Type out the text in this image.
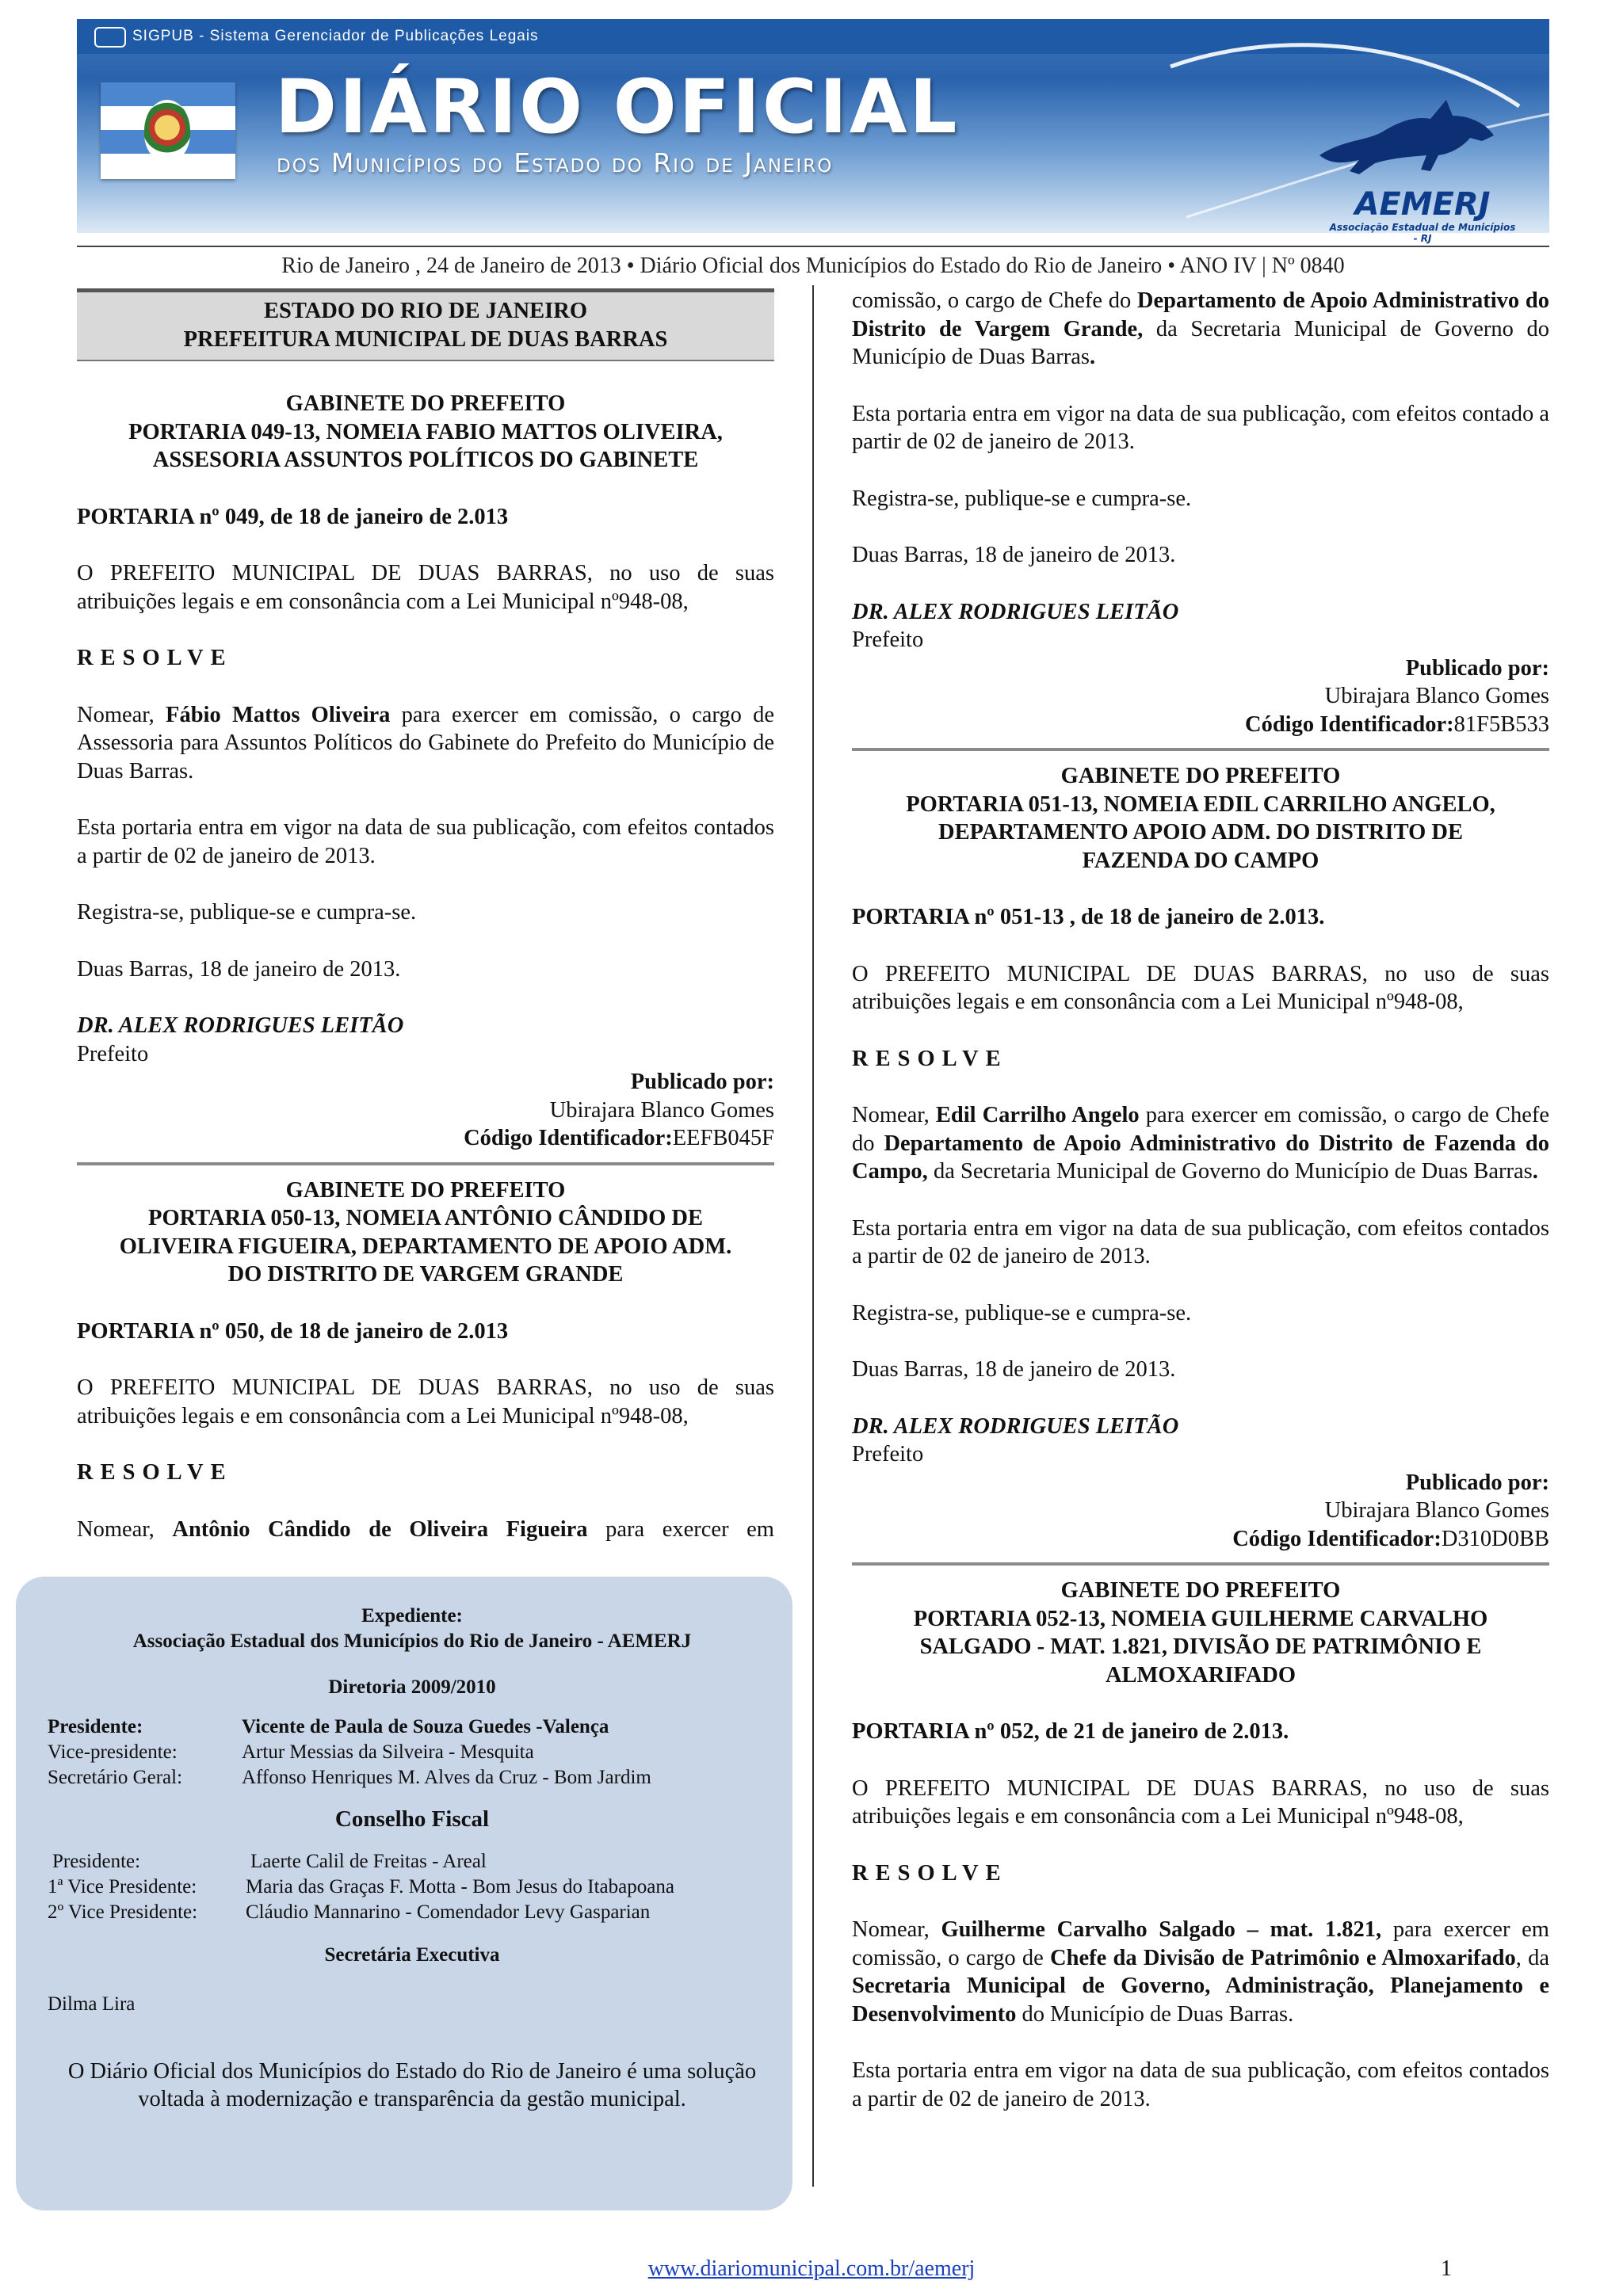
SIGPUB - Sistema Gerenciador de Publicações Legais
DIÁRIO OFICIAL
dos Municípios do Estado do Rio de Janeiro
AEMERJ
Associação Estadual de Municípios - RJ
Rio de Janeiro , 24 de Janeiro de 2013 • Diário Oficial dos Municípios do Estado do Rio de Janeiro • ANO IV | Nº 0840

ESTADO DO RIO DE JANEIRO

PREFEITURA MUNICIPAL DE DUAS BARRAS

GABINETE DO PREFEITO

PORTARIA 049-13, NOMEIA FABIO MATTOS OLIVEIRA,

ASSESORIA ASSUNTOS POLÍTICOS DO GABINETE

PORTARIA nº 049, de 18 de janeiro de 2.013

O PREFEITO MUNICIPAL DE DUAS BARRAS, no uso de suas atribuições legais e em consonância com a Lei Municipal nº948-08,

RESOLVE

Nomear, Fábio Mattos Oliveira para exercer em comissão, o cargo de Assessoria para Assuntos Políticos do Gabinete do Prefeito do Município de Duas Barras.

Esta portaria entra em vigor na data de sua publicação, com efeitos contados a partir de 02 de janeiro de 2013.

Registra-se, publique-se e cumpra-se.

Duas Barras, 18 de janeiro de 2013.

DR. ALEX RODRIGUES LEITÃO

Prefeito

Publicado por:

Ubirajara Blanco Gomes

Código Identificador:EEFB045F

GABINETE DO PREFEITO

PORTARIA 050-13, NOMEIA ANTÔNIO CÂNDIDO DE

OLIVEIRA FIGUEIRA, DEPARTAMENTO DE APOIO ADM.

DO DISTRITO DE VARGEM GRANDE

PORTARIA nº 050, de 18 de janeiro de 2.013

O PREFEITO MUNICIPAL DE DUAS BARRAS, no uso de suas atribuições legais e em consonância com a Lei Municipal nº948-08,

RESOLVE

Nomear, Antônio Cândido de Oliveira Figueira para exercer em

Expediente:

Associação Estadual dos Municípios do Rio de Janeiro - AEMERJ

Diretoria 2009/2010

Presidente:	Vicente de Paula de Souza Guedes -Valença
Vice-presidente:	Artur Messias da Silveira - Mesquita
Secretário Geral:	Affonso Henriques M. Alves da Cruz - Bom Jardim

Conselho Fiscal

Presidente:	Laerte Calil de Freitas - Areal
1ª Vice Presidente:	Maria das Graças F. Motta - Bom Jesus do Itabapoana
2º Vice Presidente:	Cláudio Mannarino - Comendador Levy Gasparian

Secretária Executiva

Dilma Lira

O Diário Oficial dos Municípios do Estado do Rio de Janeiro é uma solução voltada à modernização e transparência da gestão municipal.

comissão, o cargo de Chefe do Departamento de Apoio Administrativo do Distrito de Vargem Grande, da Secretaria Municipal de Governo do Município de Duas Barras.

Esta portaria entra em vigor na data de sua publicação, com efeitos contado a partir de 02 de janeiro de 2013.

Registra-se, publique-se e cumpra-se.

Duas Barras, 18 de janeiro de 2013.

DR. ALEX RODRIGUES LEITÃO

Prefeito

Publicado por:

Ubirajara Blanco Gomes

Código Identificador:81F5B533

GABINETE DO PREFEITO

PORTARIA 051-13, NOMEIA EDIL CARRILHO ANGELO,

DEPARTAMENTO APOIO ADM. DO DISTRITO DE

FAZENDA DO CAMPO

PORTARIA nº 051-13 , de 18 de janeiro de 2.013.

O PREFEITO MUNICIPAL DE DUAS BARRAS, no uso de suas atribuições legais e em consonância com a Lei Municipal nº948-08,

RESOLVE

Nomear, Edil Carrilho Angelo para exercer em comissão, o cargo de Chefe do Departamento de Apoio Administrativo do Distrito de Fazenda do Campo, da Secretaria Municipal de Governo do Município de Duas Barras.

Esta portaria entra em vigor na data de sua publicação, com efeitos contados a partir de 02 de janeiro de 2013.

Registra-se, publique-se e cumpra-se.

Duas Barras, 18 de janeiro de 2013.

DR. ALEX RODRIGUES LEITÃO

Prefeito

Publicado por:

Ubirajara Blanco Gomes

Código Identificador:D310D0BB

GABINETE DO PREFEITO

PORTARIA 052-13, NOMEIA GUILHERME CARVALHO

SALGADO - MAT. 1.821, DIVISÃO DE PATRIMÔNIO E

ALMOXARIFADO

PORTARIA nº 052, de 21 de janeiro de 2.013.

O PREFEITO MUNICIPAL DE DUAS BARRAS, no uso de suas atribuições legais e em consonância com a Lei Municipal nº948-08,

RESOLVE

Nomear, Guilherme Carvalho Salgado – mat. 1.821, para exercer em comissão, o cargo de Chefe da Divisão de Patrimônio e Almoxarifado, da Secretaria Municipal de Governo, Administração, Planejamento e Desenvolvimento do Município de Duas Barras.

Esta portaria entra em vigor na data de sua publicação, com efeitos contados a partir de 02 de janeiro de 2013.

www.diariomunicipal.com.br/aemerj	1
